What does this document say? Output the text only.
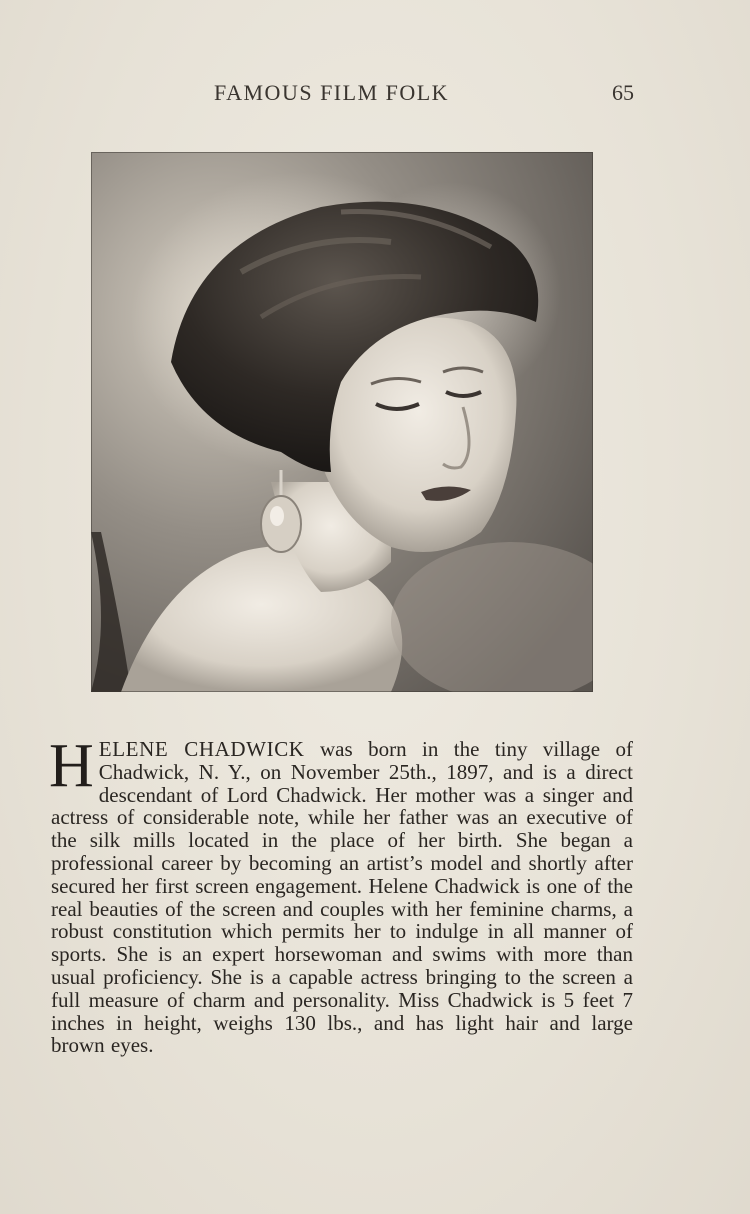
FAMOUS FILM FOLK	65
H ELENE CHADWICK was born in the tiny village of Chadwick, N. Y., on November 25th., 1897, and is a direct descendant of Lord Chadwick. Her mother was a singer and actress of considerable note, while her father was an executive of the silk mills located in the place of her birth. She began a professional career by becoming an artist’s model and shortly after secured her first screen engagement. Helene Chadwick is one of the real beauties of the screen and couples with her feminine charms, a robust constitution which permits her to indulge in all manner of sports. She is an expert horsewoman and swims with more than usual proficiency. She is a capable actress bringing to the screen a full measure of charm and personality. Miss Chadwick is 5 feet 7 inches in height, weighs 130 lbs., and has light hair and large brown eyes.
